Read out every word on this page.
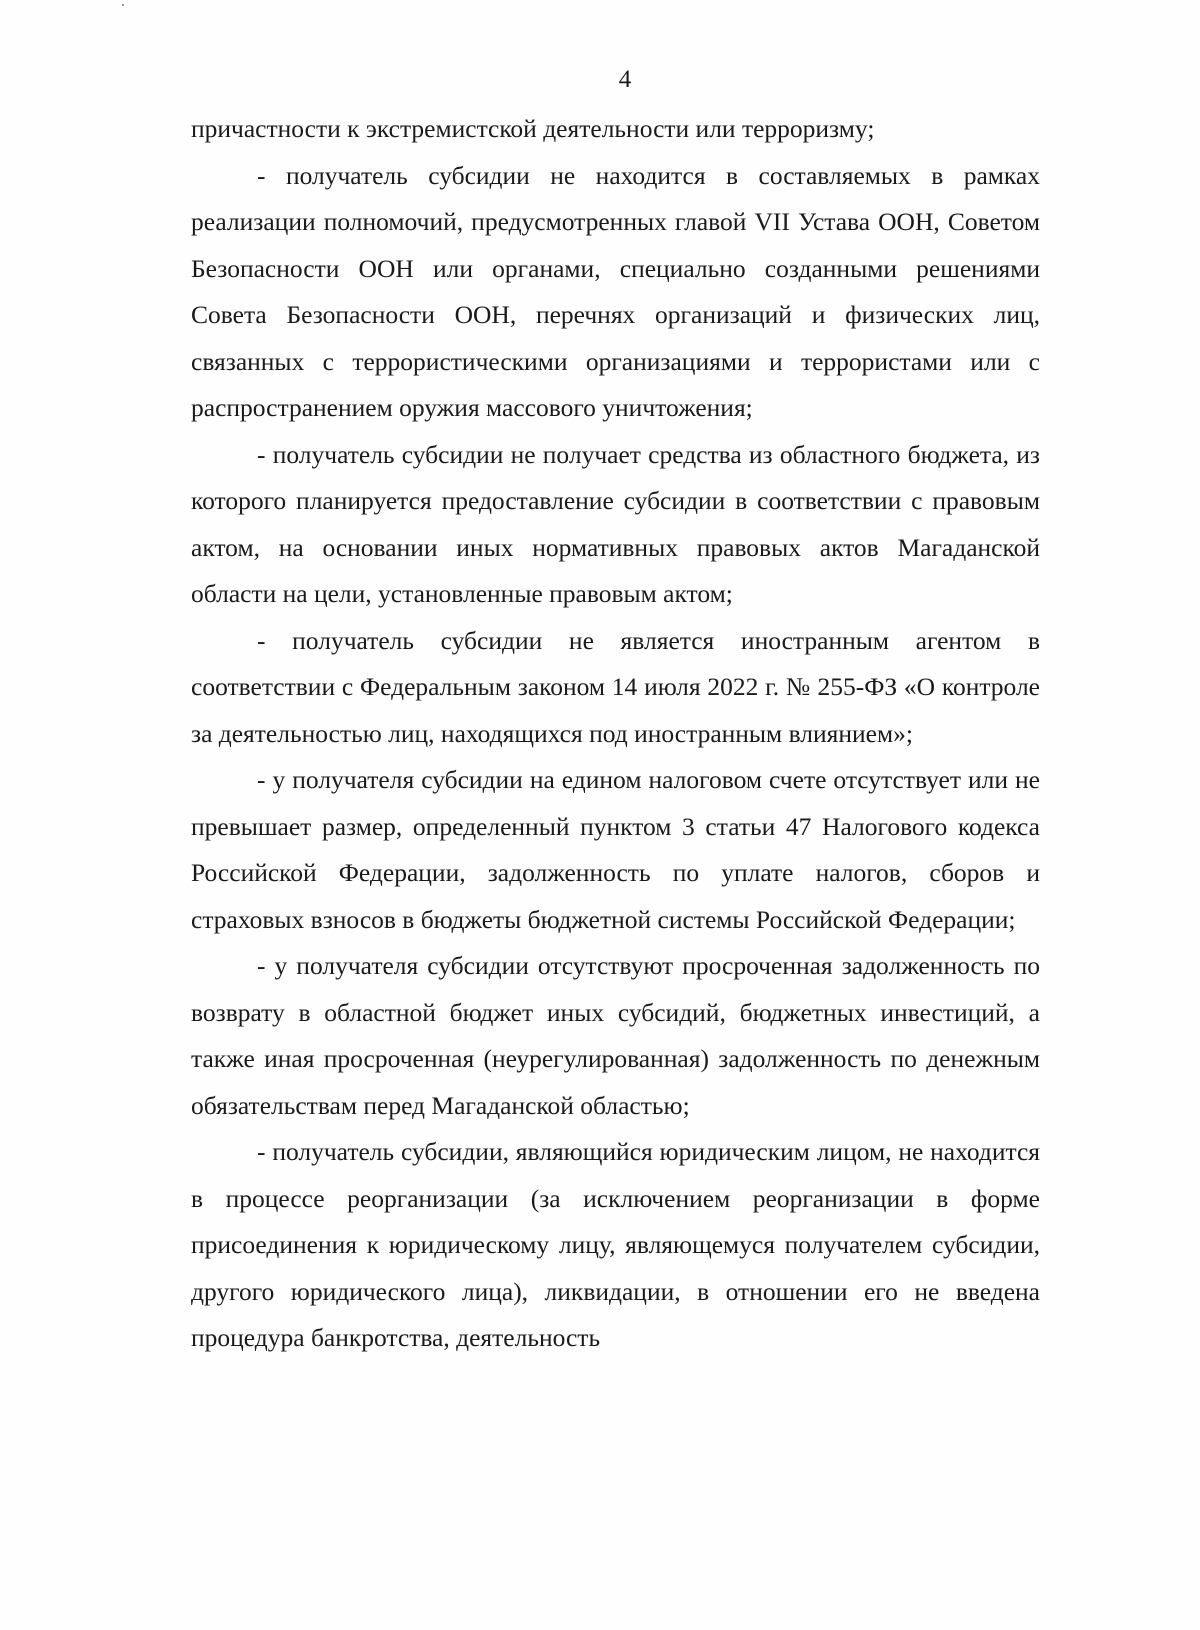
4

причастности к экстремистской деятельности или терроризму;

- получатель субсидии не находится в составляемых в рамках реализации полномочий, предусмотренных главой VII Устава ООН, Советом Безопасности ООН или органами, специально созданными решениями Совета Безопасности ООН, перечнях организаций и физических лиц, связанных с террористическими организациями и террористами или с распространением оружия массового уничтожения;

- получатель субсидии не получает средства из областного бюджета, из которого планируется предоставление субсидии в соответствии с правовым актом, на основании иных нормативных правовых актов Магаданской области на цели, установленные правовым актом;

- получатель субсидии не является иностранным агентом в соответствии с Федеральным законом 14 июля 2022 г. № 255-ФЗ «О контроле за деятельностью лиц, находящихся под иностранным влиянием»;

- у получателя субсидии на едином налоговом счете отсутствует или не превышает размер, определенный пунктом 3 статьи 47 Налогового кодекса Российской Федерации, задолженность по уплате налогов, сборов и страховых взносов в бюджеты бюджетной системы Российской Федерации;

- у получателя субсидии отсутствуют просроченная задолженность по возврату в областной бюджет иных субсидий, бюджетных инвестиций, а также иная просроченная (неурегулированная) задолженность по денежным обязательствам перед Магаданской областью;

- получатель субсидии, являющийся юридическим лицом, не находится в процессе реорганизации (за исключением реорганизации в форме присоединения к юридическому лицу, являющемуся получателем субсидии, другого юридического лица), ликвидации, в отношении его не введена процедура банкротства, деятельность
